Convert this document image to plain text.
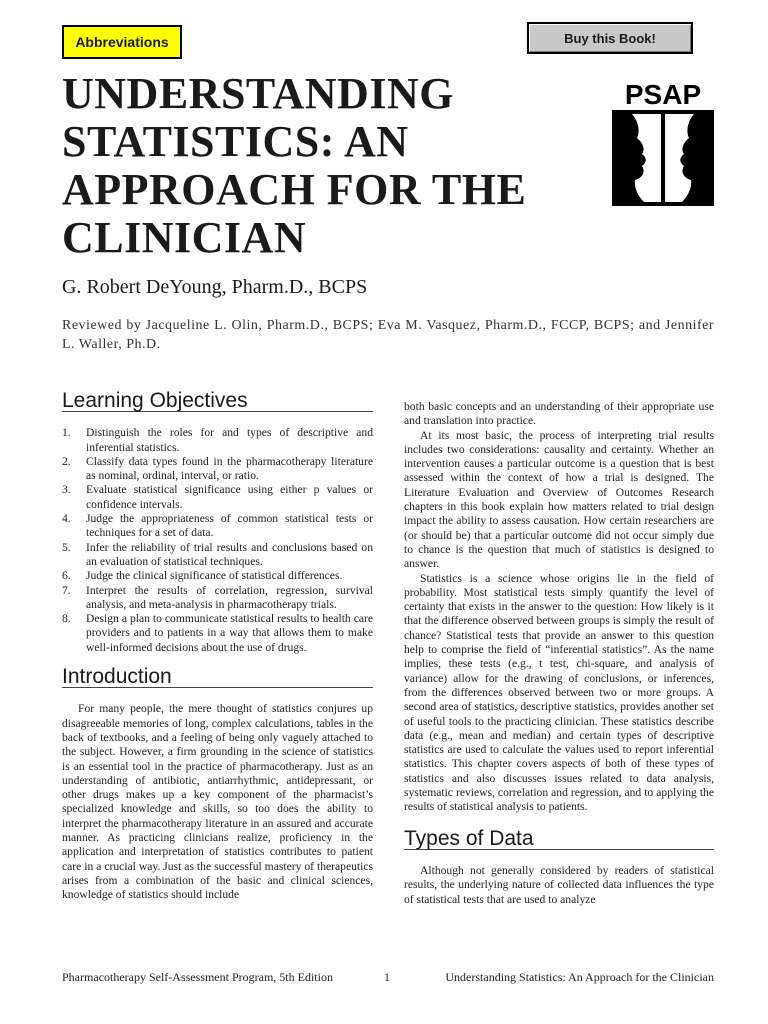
Abbreviations	Buy this Book!
UNDERSTANDING STATISTICS: AN APPROACH FOR THE CLINICIAN
PSAP
G. Robert DeYoung, Pharm.D., BCPS

Reviewed by Jacqueline L. Olin, Pharm.D., BCPS; Eva M. Vasquez, Pharm.D., FCCP, BCPS; and Jennifer L. Waller, Ph.D.

Learning Objectives
1.	Distinguish the roles for and types of descriptive and inferential statistics.
2.	Classify data types found in the pharmacotherapy literature as nominal, ordinal, interval, or ratio.
3.	Evaluate statistical significance using either p values or confidence intervals.
4.	Judge the appropriateness of common statistical tests or techniques for a set of data.
5.	Infer the reliability of trial results and conclusions based on an evaluation of statistical techniques.
6.	Judge the clinical significance of statistical differences.
7.	Interpret the results of correlation, regression, survival analysis, and meta-analysis in pharmacotherapy trials.
8.	Design a plan to communicate statistical results to health care providers and to patients in a way that allows them to make well-informed decisions about the use of drugs.
Introduction

For many people, the mere thought of statistics conjures up disagreeable memories of long, complex calculations, tables in the back of textbooks, and a feeling of being only vaguely attached to the subject. However, a firm grounding in the science of statistics is an essential tool in the practice of pharmacotherapy. Just as an understanding of antibiotic, antiarrhythmic, antidepressant, or other drugs makes up a key component of the pharmacist’s specialized knowledge and skills, so too does the ability to interpret the pharmacotherapy literature in an assured and accurate manner. As practicing clinicians realize, proficiency in the application and interpretation of statistics contributes to patient care in a crucial way. Just as the successful mastery of therapeutics arises from a combination of the basic and clinical sciences, knowledge of statistics should include

both basic concepts and an understanding of their appropriate use and translation into practice.

At its most basic, the process of interpreting trial results includes two considerations: causality and certainty. Whether an intervention causes a particular outcome is a question that is best assessed within the context of how a trial is designed. The Literature Evaluation and Overview of Outcomes Research chapters in this book explain how matters related to trial design impact the ability to assess causation. How certain researchers are (or should be) that a particular outcome did not occur simply due to chance is the question that much of statistics is designed to answer.

Statistics is a science whose origins lie in the field of probability. Most statistical tests simply quantify the level of certainty that exists in the answer to the question: How likely is it that the difference observed between groups is simply the result of chance? Statistical tests that provide an answer to this question help to comprise the field of “inferential statistics”. As the name implies, these tests (e.g., t test, chi-square, and analysis of variance) allow for the drawing of conclusions, or inferences, from the differences observed between two or more groups. A second area of statistics, descriptive statistics, provides another set of useful tools to the practicing clinician. These statistics describe data (e.g., mean and median) and certain types of descriptive statistics are used to calculate the values used to report inferential statistics. This chapter covers aspects of both of these types of statistics and also discusses issues related to data analysis, systematic reviews, correlation and regression, and to applying the results of statistical analysis to patients.

Types of Data

Although not generally considered by readers of statistical results, the underlying nature of collected data influences the type of statistical tests that are used to analyze

Pharmacotherapy Self-Assessment Program, 5th Edition	1	Understanding Statistics: An Approach for the Clinician
